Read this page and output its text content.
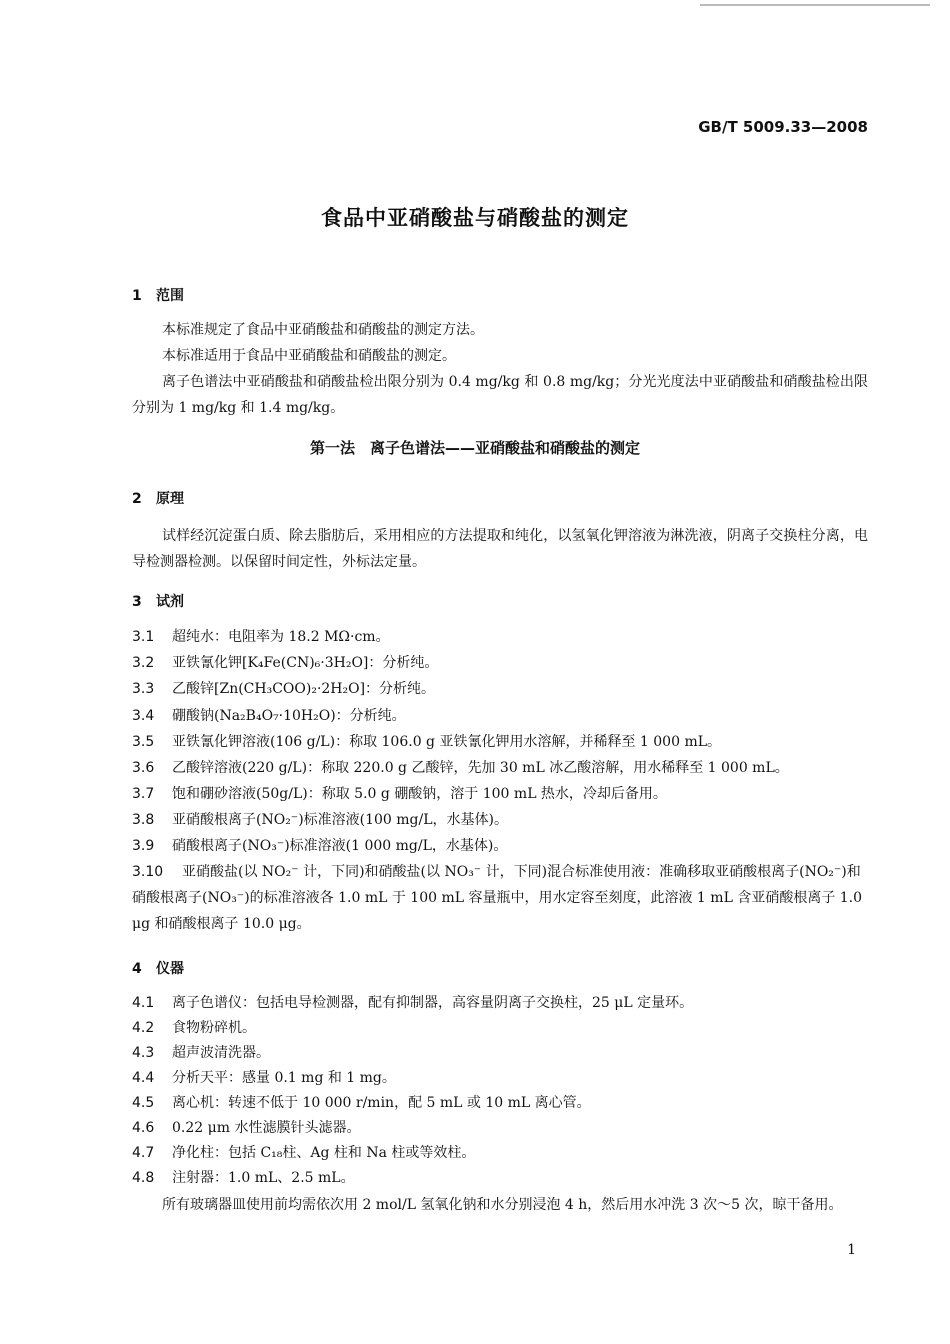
GB/T 5009.33—2008
食品中亚硝酸盐与硝酸盐的测定
1 范围

本标准规定了食品中亚硝酸盐和硝酸盐的测定方法。

本标准适用于食品中亚硝酸盐和硝酸盐的测定。

离子色谱法中亚硝酸盐和硝酸盐检出限分别为 0.4 mg/kg 和 0.8 mg/kg；分光光度法中亚硝酸盐和硝酸盐检出限分别为 1 mg/kg 和 1.4 mg/kg。

第一法　离子色谱法——亚硝酸盐和硝酸盐的测定
2 原理

试样经沉淀蛋白质、除去脂肪后，采用相应的方法提取和纯化，以氢氧化钾溶液为淋洗液，阴离子交换柱分离，电导检测器检测。以保留时间定性，外标法定量。

3 试剂

3.1 超纯水：电阻率为 18.2 MΩ·cm。

3.2 亚铁氰化钾[K₄Fe(CN)₆·3H₂O]：分析纯。

3.3 乙酸锌[Zn(CH₃COO)₂·2H₂O]：分析纯。

3.4 硼酸钠(Na₂B₄O₇·10H₂O)：分析纯。

3.5 亚铁氰化钾溶液(106 g/L)：称取 106.0 g 亚铁氰化钾用水溶解，并稀释至 1 000 mL。

3.6 乙酸锌溶液(220 g/L)：称取 220.0 g 乙酸锌，先加 30 mL 冰乙酸溶解，用水稀释至 1 000 mL。

3.7 饱和硼砂溶液(50g/L)：称取 5.0 g 硼酸钠，溶于 100 mL 热水，冷却后备用。

3.8 亚硝酸根离子(NO₂⁻)标准溶液(100 mg/L，水基体)。

3.9 硝酸根离子(NO₃⁻)标准溶液(1 000 mg/L，水基体)。

3.10 亚硝酸盐(以 NO₂⁻ 计，下同)和硝酸盐(以 NO₃⁻ 计，下同)混合标准使用液：准确移取亚硝酸根离子(NO₂⁻)和硝酸根离子(NO₃⁻)的标准溶液各 1.0 mL 于 100 mL 容量瓶中，用水定容至刻度，此溶液 1 mL 含亚硝酸根离子 1.0 μg 和硝酸根离子 10.0 μg。

4 仪器

4.1 离子色谱仪：包括电导检测器，配有抑制器，高容量阴离子交换柱，25 μL 定量环。

4.2 食物粉碎机。

4.3 超声波清洗器。

4.4 分析天平：感量 0.1 mg 和 1 mg。

4.5 离心机：转速不低于 10 000 r/min，配 5 mL 或 10 mL 离心管。

4.6 0.22 μm 水性滤膜针头滤器。

4.7 净化柱：包括 C₁₈柱、Ag 柱和 Na 柱或等效柱。

4.8 注射器：1.0 mL、2.5 mL。

所有玻璃器皿使用前均需依次用 2 mol/L 氢氧化钠和水分别浸泡 4 h，然后用水冲洗 3 次～5 次，晾干备用。

1
